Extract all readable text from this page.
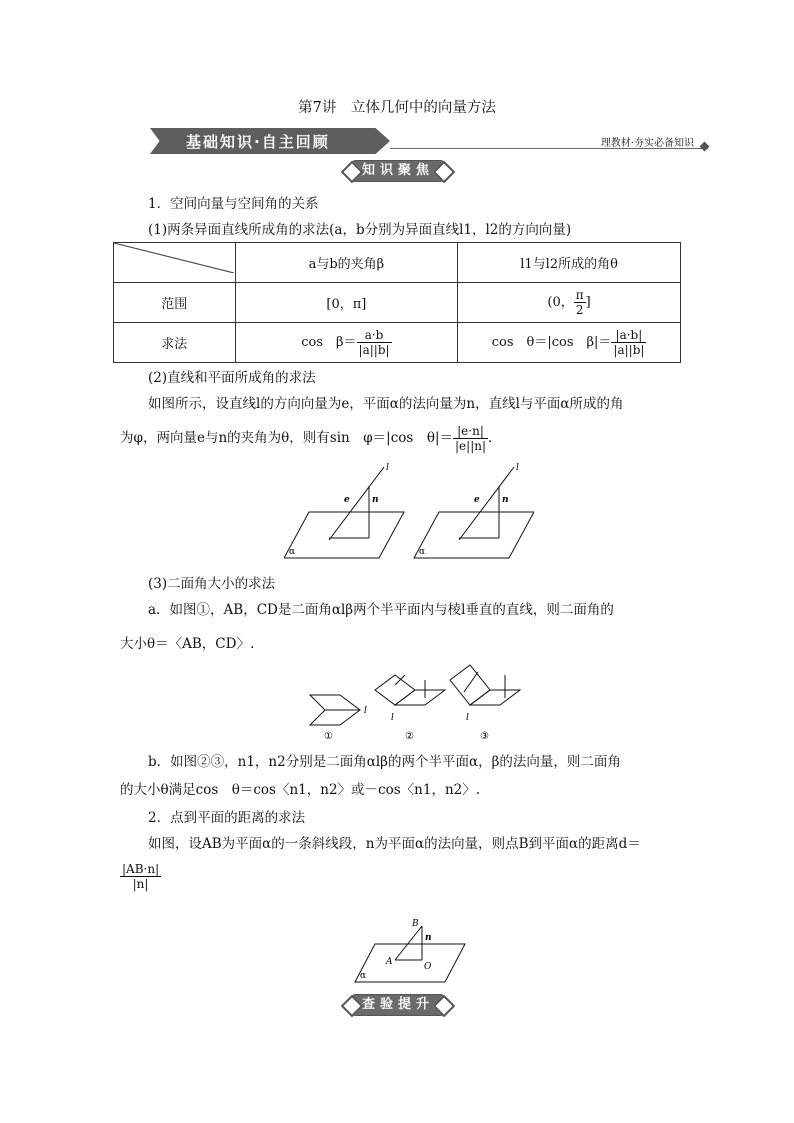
第7讲　立体几何中的向量方法
基础知识·自主回顾	理教材·夯实必备知识
知识聚焦
1．空间向量与空间角的关系
(1)两条异面直线所成角的求法(a，b分别为异面直线l1，l2的方向向量)
	a与b的夹角β	l1与l2所成的角θ
范围	[0，π]	(0， $\frac{\pi}{2}$ ]
求法	cos　$\beta= \frac{a\cdot b}{|a||b|}$	cos　θ＝|cos　$\beta|= \frac{|a\cdot b|}{|a||b|}$
(2)直线和平面所成角的求法
如图所示，设直线l的方向向量为e，平面α的法向量为n，直线l与平面α所成的角
为φ，两向量e与n的夹角为θ，则有sin　φ＝|cos　$\theta|= \frac{|e\cdot n|}{|e||n|}$ ．
α
l
e n
α
l
e n
(3)二面角大小的求法
a．如图①，AB，CD是二面角αlβ两个半平面内与棱l垂直的直线，则二面角的
大小θ＝〈AB，CD〉.
l
①
l
②
l
③
b．如图②③，n1，n2分别是二面角αlβ的两个半平面α，β的法向量，则二面角
的大小θ满足cos　θ＝cos〈n1，n2〉或－cos〈n1，n2〉.
2．点到平面的距离的求法
如图，设AB为平面α的一条斜线段，n为平面α的法向量，则点B到平面α的距离d＝
$\frac{|AB\cdot n|}{|n|}$
B
A	O
n
α
查验提升
